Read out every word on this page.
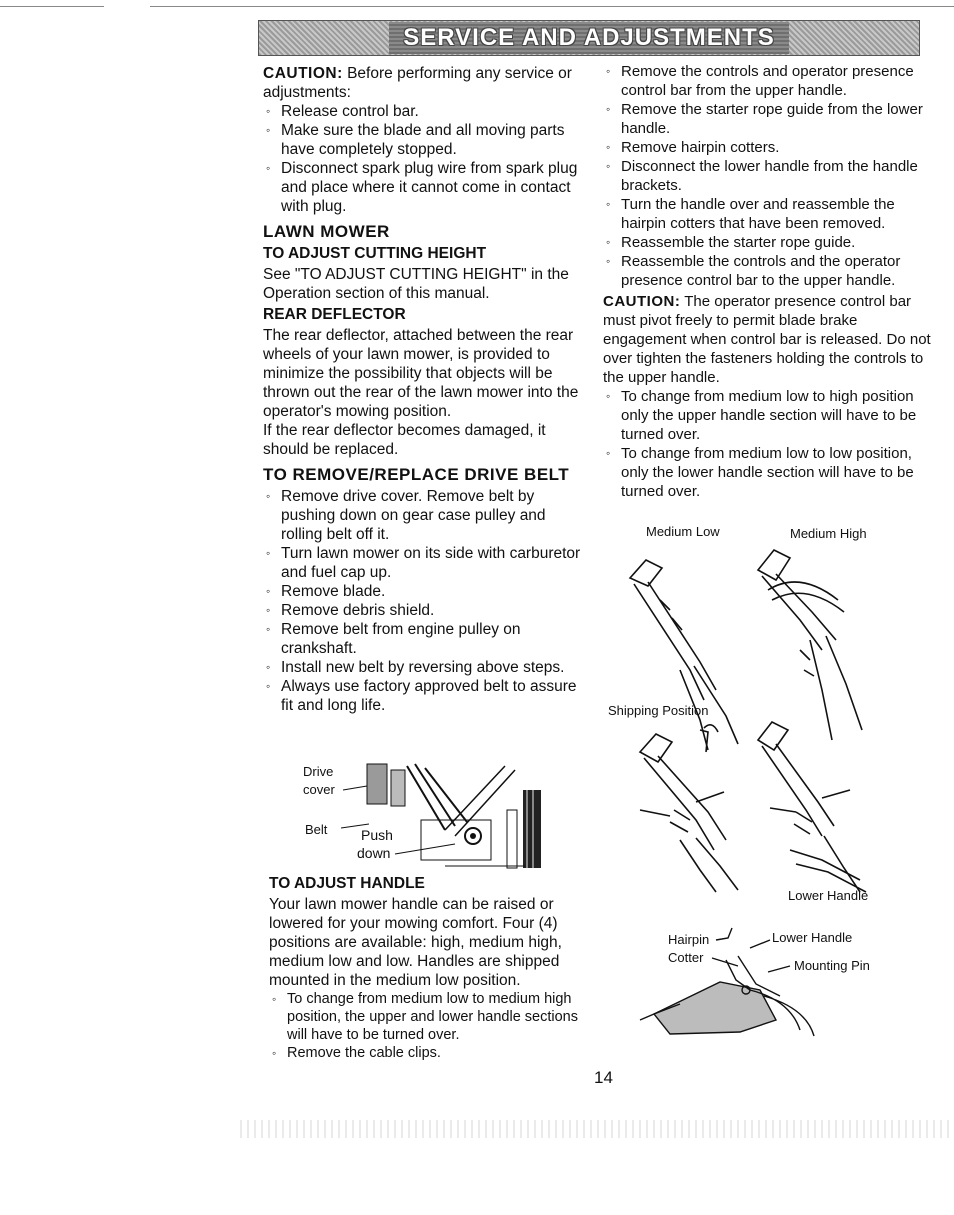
SERVICE AND ADJUSTMENTS

CAUTION: Before performing any service or adjustments:

◦ Release control bar.
◦ Make sure the blade and all moving parts have completely stopped.
◦ Disconnect spark plug wire from spark plug and place where it cannot come in contact with plug.
LAWN MOWER
TO ADJUST CUTTING HEIGHT

See "TO ADJUST CUTTING HEIGHT" in the Operation section of this manual.

REAR DEFLECTOR

The rear deflector, attached between the rear wheels of your lawn mower, is provided to minimize the possibility that objects will be thrown out the rear of the lawn mower into the operator's mowing position.

If the rear deflector becomes damaged, it should be replaced.

TO REMOVE/REPLACE DRIVE BELT
◦ Remove drive cover. Remove belt by pushing down on gear case pulley and rolling belt off it.
◦ Turn lawn mower on its side with carburetor and fuel cap up.
◦ Remove blade.
◦ Remove debris shield.
◦ Remove belt from engine pulley on crankshaft.
◦ Install new belt by reversing above steps.
◦ Always use factory approved belt to assure fit and long life.
Drive
cover
Belt Push
down
TO ADJUST HANDLE

Your lawn mower handle can be raised or lowered for your mowing comfort. Four (4) positions are available: high, medium high, medium low and low. Handles are shipped mounted in the medium low position.

◦ To change from medium low to medium high position, the upper and lower handle sections will have to be turned over.
◦ Remove the cable clips.
◦ Remove the controls and operator presence control bar from the upper handle.
◦ Remove the starter rope guide from the lower handle.
◦ Remove hairpin cotters.
◦ Disconnect the lower handle from the handle brackets.
◦ Turn the handle over and reassemble the hairpin cotters that have been removed.
◦ Reassemble the starter rope guide.
◦ Reassemble the controls and the operator presence control bar to the upper handle.

CAUTION: The operator presence control bar must pivot freely to permit blade brake engagement when control bar is released. Do not over tighten the fasteners holding the controls to the upper handle.

◦ To change from medium low to high position only the upper handle section will have to be turned over.
◦ To change from medium low to low position, only the lower handle section will have to be turned over.
Medium Low	Medium High
Shipping Position
Lower Handle
Hairpin
Cotter
Lower Handle
Mounting Pin
14
